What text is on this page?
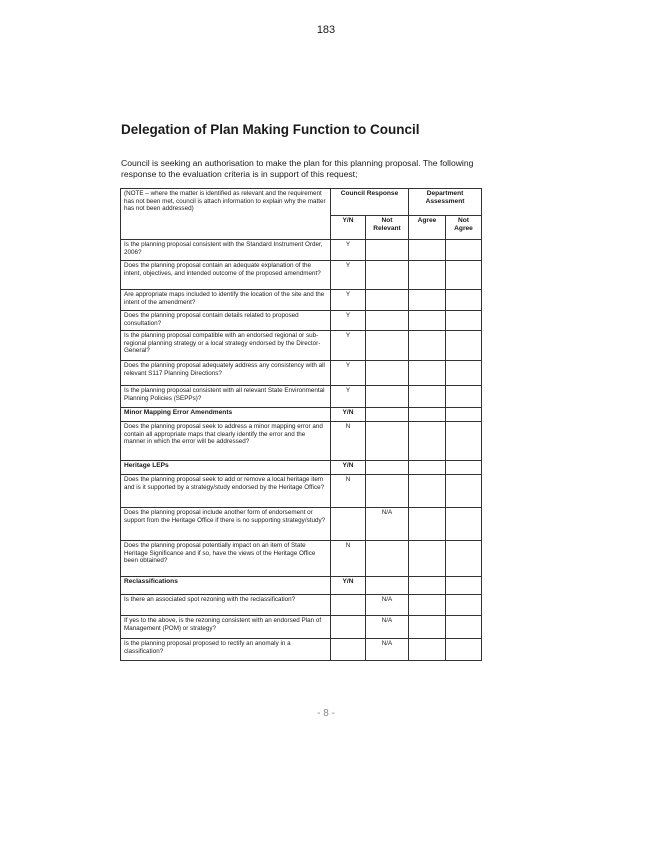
183
Delegation of Plan Making Function to Council

Council is seeking an authorisation to make the plan for this planning proposal. The following response to the evaluation criteria is in support of this request;

(NOTE – where the matter is identified as relevant and the requirement has not been met, council is attach information to explain why the matter has not been addressed)	Council Response		Department Assessment	
	Y/N	Not Relevant	Agree	Not Agree
Is the planning proposal consistent with the Standard Instrument Order, 2006?	Y			
Does the planning proposal contain an adequate explanation of the intent, objectives, and intended outcome of the proposed amendment?	Y			
Are appropriate maps included to identify the location of the site and the intent of the amendment?	Y			
Does the planning proposal contain details related to proposed consultation?	Y			
Is the planning proposal compatible with an endorsed regional or sub-regional planning strategy or a local strategy endorsed by the Director-General?	Y			
Does the planning proposal adequately address any consistency with all relevant S117 Planning Directions?	Y			
Is the planning proposal consistent with all relevant State Environmental Planning Policies (SEPPs)?	Y			
Minor Mapping Error Amendments	Y/N			
Does the planning proposal seek to address a minor mapping error and contain all appropriate maps that clearly identify the error and the manner in which the error will be addressed?	N			
Heritage LEPs	Y/N			
Does the planning proposal seek to add or remove a local heritage item and is it supported by a strategy/study endorsed by the Heritage Office?	N			
Does the planning proposal include another form of endorsement or support from the Heritage Office if there is no supporting strategy/study?		N/A		
Does the planning proposal potentially impact on an item of State Heritage Significance and if so, have the views of the Heritage Office been obtained?	N			
Reclassifications	Y/N			
Is there an associated spot rezoning with the reclassification?		N/A		
If yes to the above, is the rezoning consistent with an endorsed Plan of Management (POM) or strategy?		N/A		
Is the planning proposal proposed to rectify an anomaly in a classification?		N/A		
- 8 -
